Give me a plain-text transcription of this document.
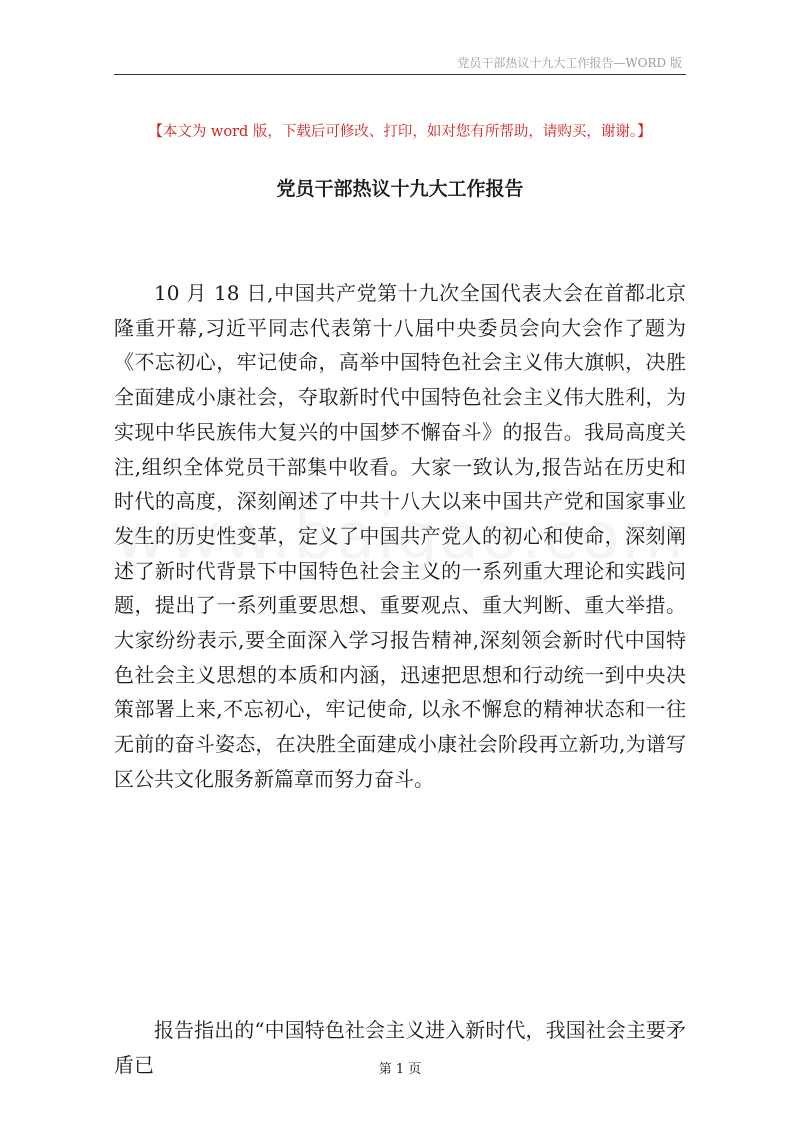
党员干部热议十九大工作报告—WORD 版
【本文为 word 版，下载后可修改、打印，如对您有所帮助，请购买，谢谢。】
党员干部热议十九大工作报告

10 月 18 日,中国共产党第十九次全国代表大会在首都北京隆重开幕,习近平同志代表第十八届中央委员会向大会作了题为《不忘初心，牢记使命，高举中国特色社会主义伟大旗帜，决胜全面建成小康社会，夺取新时代中国特色社会主义伟大胜利，为实现中华民族伟大复兴的中国梦不懈奋斗》的报告。我局高度关注,组织全体党员干部集中收看。大家一致认为,报告站在历史和时代的高度，深刻阐述了中共十八大以来中国共产党和国家事业发生的历史性变革，定义了中国共产党人的初心和使命，深刻阐述了新时代背景下中国特色社会主义的一系列重大理论和实践问题，提出了一系列重要思想、重要观点、重大判断、重大举措。大家纷纷表示,要全面深入学习报告精神,深刻领会新时代中国特色社会主义思想的本质和内涵，迅速把思想和行动统一到中央决策部署上来,不忘初心，牢记使命, 以永不懈怠的精神状态和一往无前的奋斗姿态，在决胜全面建成小康社会阶段再立新功,为谱写区公共文化服务新篇章而努力奋斗。

报告指出的“中国特色社会主义进入新时代，我国社会主要矛盾已	第 1 页
